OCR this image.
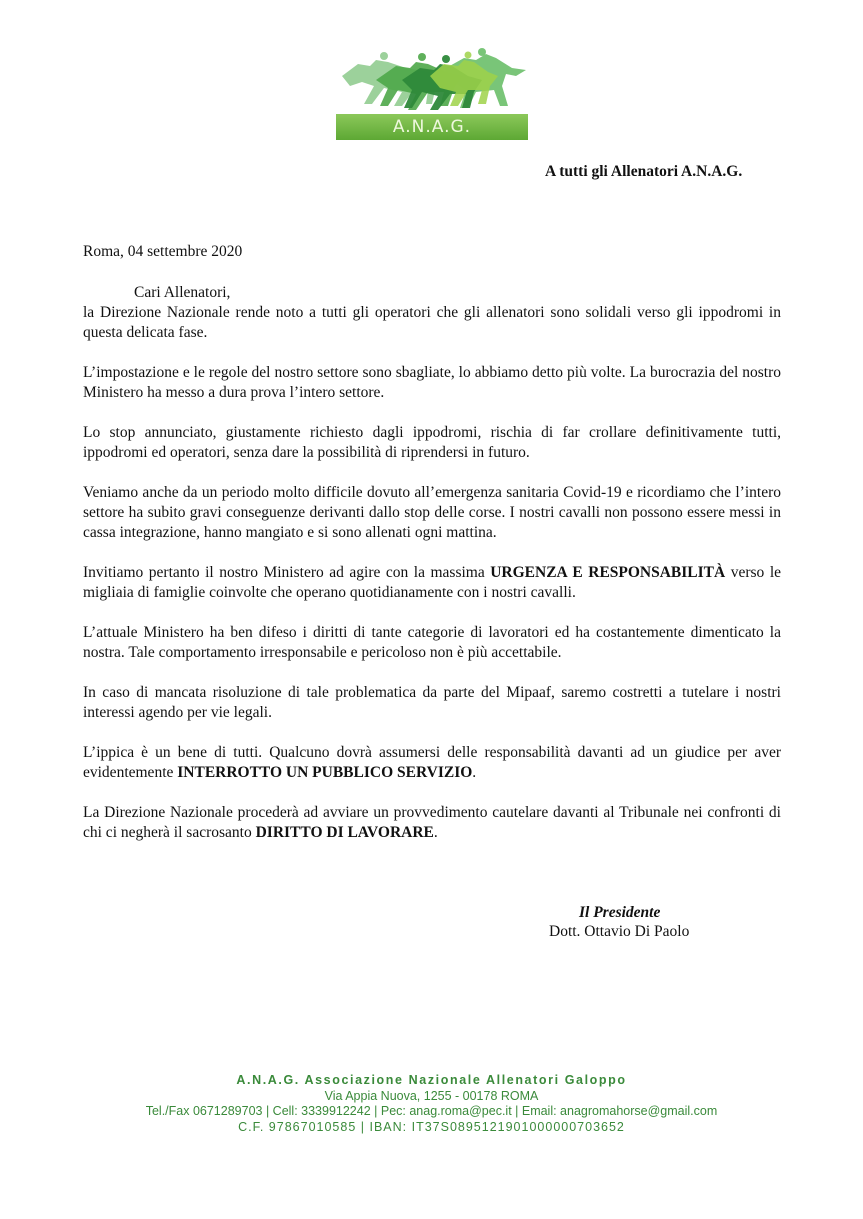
A.N.A.G.
A tutti gli Allenatori A.N.A.G.
Roma, 04 settembre 2020
Cari Allenatori,

la Direzione Nazionale rende noto a tutti gli operatori che gli allenatori sono solidali verso gli ippodromi in questa delicata fase.

L’impostazione e le regole del nostro settore sono sbagliate, lo abbiamo detto più volte. La burocrazia del nostro Ministero ha messo a dura prova l’intero settore.

Lo stop annunciato, giustamente richiesto dagli ippodromi, rischia di far crollare definitivamente tutti, ippodromi ed operatori, senza dare la possibilità di riprendersi in futuro.

Veniamo anche da un periodo molto difficile dovuto all’emergenza sanitaria Covid-19 e ricordiamo che l’intero settore ha subito gravi conseguenze derivanti dallo stop delle corse. I nostri cavalli non possono essere messi in cassa integrazione, hanno mangiato e si sono allenati ogni mattina.

Invitiamo pertanto il nostro Ministero ad agire con la massima URGENZA E RESPONSABILITÀ verso le migliaia di famiglie coinvolte che operano quotidianamente con i nostri cavalli.

L’attuale Ministero ha ben difeso i diritti di tante categorie di lavoratori ed ha costantemente dimenticato la nostra. Tale comportamento irresponsabile e pericoloso non è più accettabile.

In caso di mancata risoluzione di tale problematica da parte del Mipaaf, saremo costretti a tutelare i nostri interessi agendo per vie legali.

L’ippica è un bene di tutti. Qualcuno dovrà assumersi delle responsabilità davanti ad un giudice per aver evidentemente INTERROTTO UN PUBBLICO SERVIZIO.

La Direzione Nazionale procederà ad avviare un provvedimento cautelare davanti al Tribunale nei confronti di chi ci negherà il sacrosanto DIRITTO DI LAVORARE.

Il Presidente
Dott. Ottavio Di Paolo
A.N.A.G. Associazione Nazionale Allenatori Galoppo
Via Appia Nuova, 1255 - 00178 ROMA
Tel./Fax 0671289703 | Cell: 3339912242 | Pec: anag.roma@pec.it | Email: anagromahorse@gmail.com
C.F. 97867010585 | IBAN: IT37S0895121901000000703652
